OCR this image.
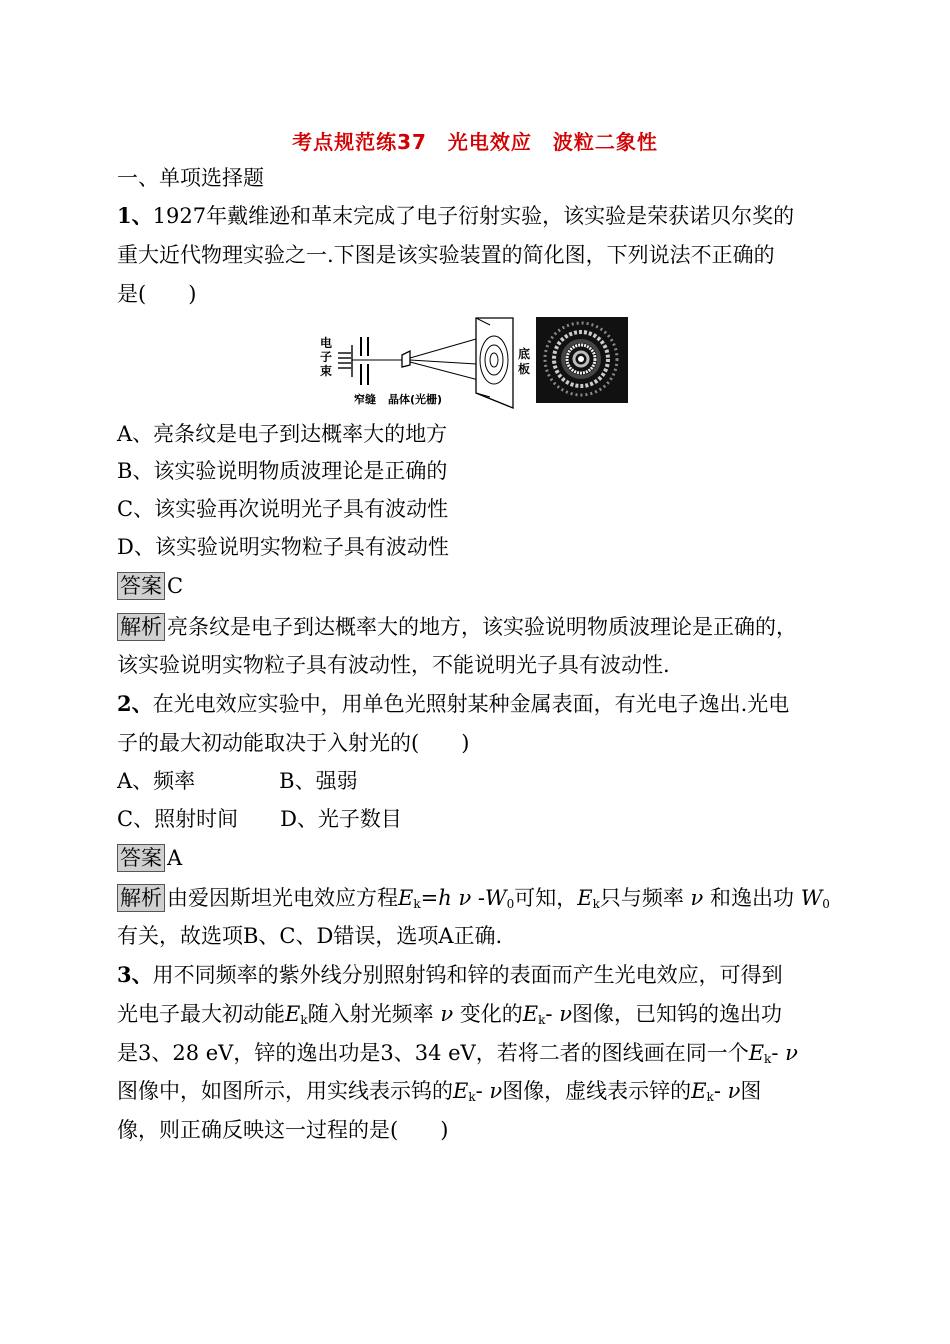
考点规范练37　光电效应　波粒二象性
一、单项选择题
1、1927年戴维逊和革末完成了电子衍射实验，该实验是荣获诺贝尔奖的
重大近代物理实验之一.下图是该实验装置的简化图，下列说法不正确的
是(　　)
电
子
束
底
板
窄缝 晶体(光栅)
A、亮条纹是电子到达概率大的地方
B、该实验说明物质波理论是正确的
C、该实验再次说明光子具有波动性
D、该实验说明实物粒子具有波动性
答案 C
解析 亮条纹是电子到达概率大的地方，该实验说明物质波理论是正确的，
该实验说明实物粒子具有波动性，不能说明光子具有波动性.
2、在光电效应实验中，用单色光照射某种金属表面，有光电子逸出.光电
子的最大初动能取决于入射光的(　　)
A、频率　　　　B、强弱
C、照射时间　　D、光子数目
答案 A
解析 由爱因斯坦光电效应方程$E_k=h$ ν $-W_0$可知，$E_k$只与频率 ν 和逸出功 $W_0$
有关，故选项B、C、D错误，选项A正确.
3、用不同频率的紫外线分别照射钨和锌的表面而产生光电效应，可得到
光电子最大初动能$E_k$随入射光频率 ν 变化的$E_k-$ ν图像，已知钨的逸出功
是3、28 eV，锌的逸出功是3、34 eV，若将二者的图线画在同一个$E_k-$ ν
图像中，如图所示，用实线表示钨的$E_k-$ ν图像，虚线表示锌的$E_k-$ ν图
像，则正确反映这一过程的是(　　)
